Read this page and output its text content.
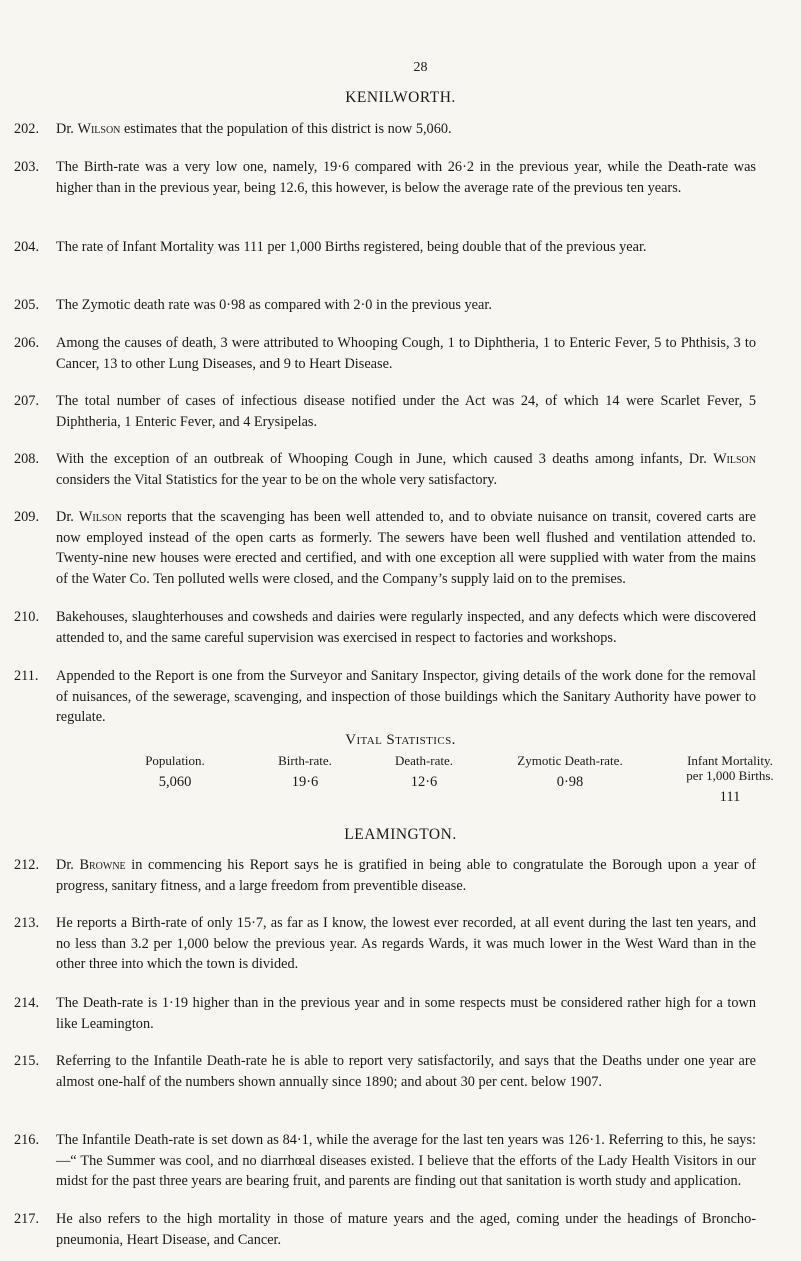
28
KENILWORTH.
202. Dr. Wilson estimates that the population of this district is now 5,060.
203. The Birth-rate was a very low one, namely, 19·6 compared with 26·2 in the previous year, while the Death-rate was higher than in the previous year, being 12.6, this however, is below the average rate of the previous ten years.
204. The rate of Infant Mortality was 111 per 1,000 Births registered, being double that of the previous year.
205. The Zymotic death rate was 0·98 as compared with 2·0 in the previous year.
206. Among the causes of death, 3 were attributed to Whooping Cough, 1 to Diphtheria, 1 to Enteric Fever, 5 to Phthisis, 3 to Cancer, 13 to other Lung Diseases, and 9 to Heart Disease.
207. The total number of cases of infectious disease notified under the Act was 24, of which 14 were Scarlet Fever, 5 Diphtheria, 1 Enteric Fever, and 4 Erysipelas.
208. With the exception of an outbreak of Whooping Cough in June, which caused 3 deaths among infants, Dr. Wilson considers the Vital Statistics for the year to be on the whole very satisfactory.
209. Dr. Wilson reports that the scavenging has been well attended to, and to obviate nuisance on transit, covered carts are now employed instead of the open carts as formerly. The sewers have been well flushed and ventilation attended to. Twenty-nine new houses were erected and certified, and with one exception all were supplied with water from the mains of the Water Co. Ten polluted wells were closed, and the Company’s supply laid on to the premises.
210. Bakehouses, slaughterhouses and cowsheds and dairies were regularly inspected, and any defects which were discovered attended to, and the same careful supervision was exercised in respect to factories and workshops.
211. Appended to the Report is one from the Surveyor and Sanitary Inspector, giving details of the work done for the removal of nuisances, of the sewerage, scavenging, and inspection of those buildings which the Sanitary Authority have power to regulate.
Vital Statistics.
Population.
5,060
Birth-rate.
19·6
Death-rate.
12·6
Zymotic Death-rate.
0·98
Infant Mortality.
per 1,000 Births.
111
LEAMINGTON.
212. Dr. Browne in commencing his Report says he is gratified in being able to congratulate the Borough upon a year of progress, sanitary fitness, and a large freedom from preventible disease.
213. He reports a Birth-rate of only 15·7, as far as I know, the lowest ever recorded, at all event during the last ten years, and no less than 3.2 per 1,000 below the previous year. As regards Wards, it was much lower in the West Ward than in the other three into which the town is divided.
214. The Death-rate is 1·19 higher than in the previous year and in some respects must be considered rather high for a town like Leamington.
215. Referring to the Infantile Death-rate he is able to report very satisfactorily, and says that the Deaths under one year are almost one-half of the numbers shown annually since 1890; and about 30 per cent. below 1907.
216. The Infantile Death-rate is set down as 84·1, while the average for the last ten years was 126·1. Referring to this, he says:—“ The Summer was cool, and no diarrhœal diseases existed. I believe that the efforts of the Lady Health Visitors in our midst for the past three years are bearing fruit, and parents are finding out that sanitation is worth study and application.
217. He also refers to the high mortality in those of mature years and the aged, coming under the headings of Broncho-pneumonia, Heart Disease, and Cancer.
